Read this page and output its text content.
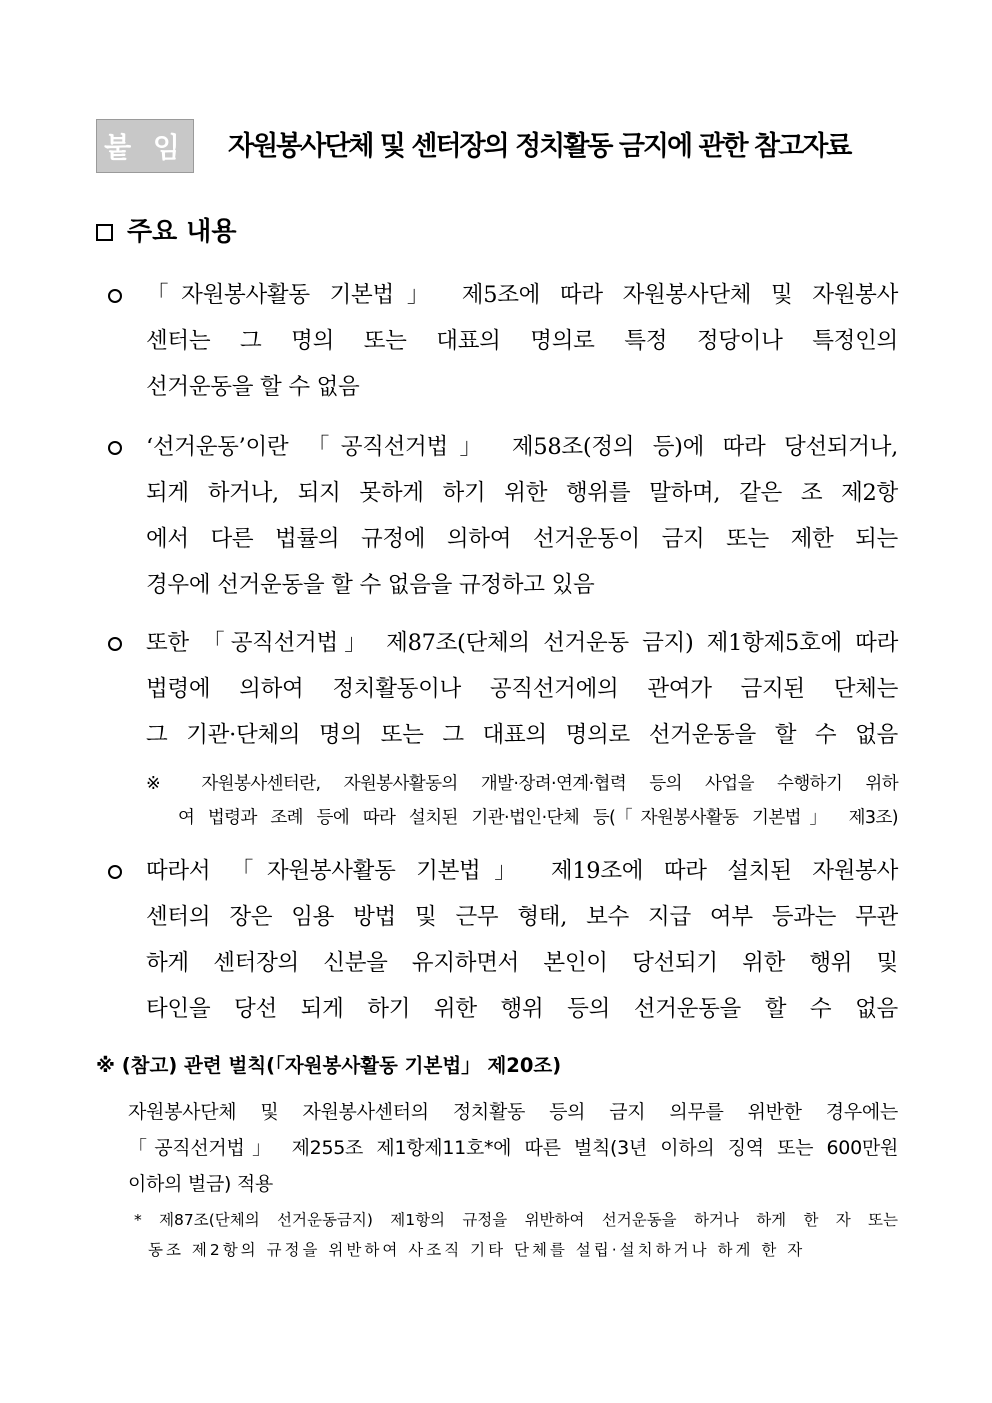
붙 임 자원봉사단체 및 센터장의 정치활동 금지에 관한 참고자료
주요 내용
「자원봉사활동 기본법」 제5조에 따라 자원봉사단체 및 자원봉사
센터는 그 명의 또는 대표의 명의로 특정 정당이나 특정인의
선거운동을 할 수 없음
‘선거운동’이란 「공직선거법」 제58조(정의 등)에 따라 당선되거나,
되게 하거나, 되지 못하게 하기 위한 행위를 말하며, 같은 조 제2항
에서 다른 법률의 규정에 의하여 선거운동이 금지 또는 제한 되는
경우에 선거운동을 할 수 없음을 규정하고 있음
또한 「공직선거법」 제87조(단체의 선거운동 금지) 제1항제5호에 따라
법령에 의하여 정치활동이나 공직선거에의 관여가 금지된 단체는
그 기관·단체의 명의 또는 그 대표의 명의로 선거운동을 할 수 없음
※ 자원봉사센터란, 자원봉사활동의 개발·장려·연계·협력 등의 사업을 수행하기 위하
여 법령과 조례 등에 따라 설치된 기관·법인·단체 등(「자원봉사활동 기본법」 제3조)
따라서 「자원봉사활동 기본법」 제19조에 따라 설치된 자원봉사
센터의 장은 임용 방법 및 근무 형태, 보수 지급 여부 등과는 무관
하게 센터장의 신분을 유지하면서 본인이 당선되기 위한 행위 및
타인을 당선 되게 하기 위한 행위 등의 선거운동을 할 수 없음
※ (참고) 관련 벌칙(「자원봉사활동 기본법」 제20조)
자원봉사단체 및 자원봉사센터의 정치활동 등의 금지 의무를 위반한 경우에는
「공직선거법」 제255조 제1항제11호*에 따른 벌칙(3년 이하의 징역 또는 600만원
이하의 벌금) 적용
* 제87조(단체의 선거운동금지) 제1항의 규정을 위반하여 선거운동을 하거나 하게 한 자 또는
동조 제2항의 규정을 위반하여 사조직 기타 단체를 설립·설치하거나 하게 한 자
